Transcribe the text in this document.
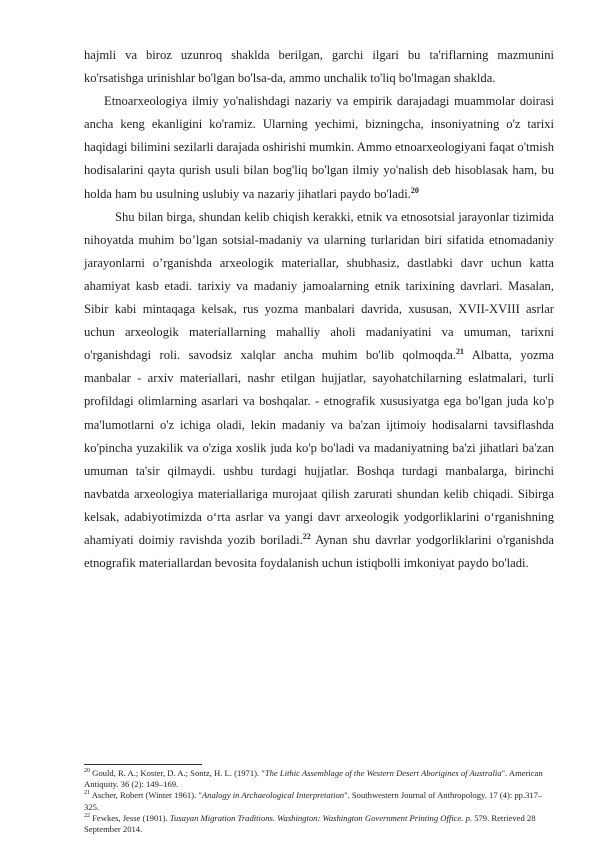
hajmli va biroz uzunroq shaklda berilgan, garchi ilgari bu ta'riflarning mazmunini ko'rsatishga urinishlar bo'lgan bo'lsa-da, ammo unchalik to'liq bo'lmagan shaklda.

Etnoarxeologiya ilmiy yo'nalishdagi nazariy va empirik darajadagi muammolar doirasi ancha keng ekanligini ko'ramiz. Ularning yechimi, bizningcha, insoniyatning o'z tarixi haqidagi bilimini sezilarli darajada oshirishi mumkin. Ammo etnoarxeologiyani faqat o'tmish hodisalarini qayta qurish usuli bilan bog'liq bo'lgan ilmiy yo'nalish deb hisoblasak ham, bu holda ham bu usulning uslubiy va nazariy jihatlari paydo bo'ladi.$^{20}$

Shu bilan birga, shundan kelib chiqish kerakki, etnik va etnosotsial jarayonlar tizimida nihoyatda muhim bo’lgan sotsial-madaniy va ularning turlaridan biri sifatida etnomadaniy jarayonlarni o’rganishda arxeologik materiallar, shubhasiz, dastlabki davr uchun katta ahamiyat kasb etadi. tarixiy va madaniy jamoalarning etnik tarixining davrlari. Masalan, Sibir kabi mintaqaga kelsak, rus yozma manbalari davrida, xususan, XVII-XVIII asrlar uchun arxeologik materiallarning mahalliy aholi madaniyatini va umuman, tarixni o'rganishdagi roli. savodsiz xalqlar ancha muhim bo'lib qolmoqda.$^{21}$ Albatta, yozma manbalar - arxiv materiallari, nashr etilgan hujjatlar, sayohatchilarning eslatmalari, turli profildagi olimlarning asarlari va boshqalar. - etnografik xususiyatga ega bo'lgan juda ko'p ma'lumotlarni o'z ichiga oladi, lekin madaniy va ba'zan ijtimoiy hodisalarni tavsiflashda ko'pincha yuzakilik va o'ziga xoslik juda ko'p bo'ladi va madaniyatning ba'zi jihatlari ba'zan umuman ta'sir qilmaydi. ushbu turdagi hujjatlar. Boshqa turdagi manbalarga, birinchi navbatda arxeologiya materiallariga murojaat qilish zarurati shundan kelib chiqadi. Sibirga kelsak, adabiyotimizda o‘rta asrlar va yangi davr arxeologik yodgorliklarini o‘rganishning ahamiyati doimiy ravishda yozib boriladi.$^{22}$ Aynan shu davrlar yodgorliklarini o'rganishda etnografik materiallardan bevosita foydalanish uchun istiqbolli imkoniyat paydo bo'ladi.

$^{20}$ Gould, R. A.; Koster, D. A.; Sontz, H. L. (1971). "The Lithic Assemblage of the Western Desert Aborigines of Australia". American Antiquity. 36 (2): 149–169.

$^{21}$ Ascher, Robert (Winter 1961). "Analogy in Archaeological Interpretation". Southwestern Journal of Anthropology. 17 (4): pp.317–325.

$^{22}$ Fewkes, Jesse (1901). Tusayan Migration Traditions. Washington: Washington Government Printing Office. p. 579. Retrieved 28 September 2014.
